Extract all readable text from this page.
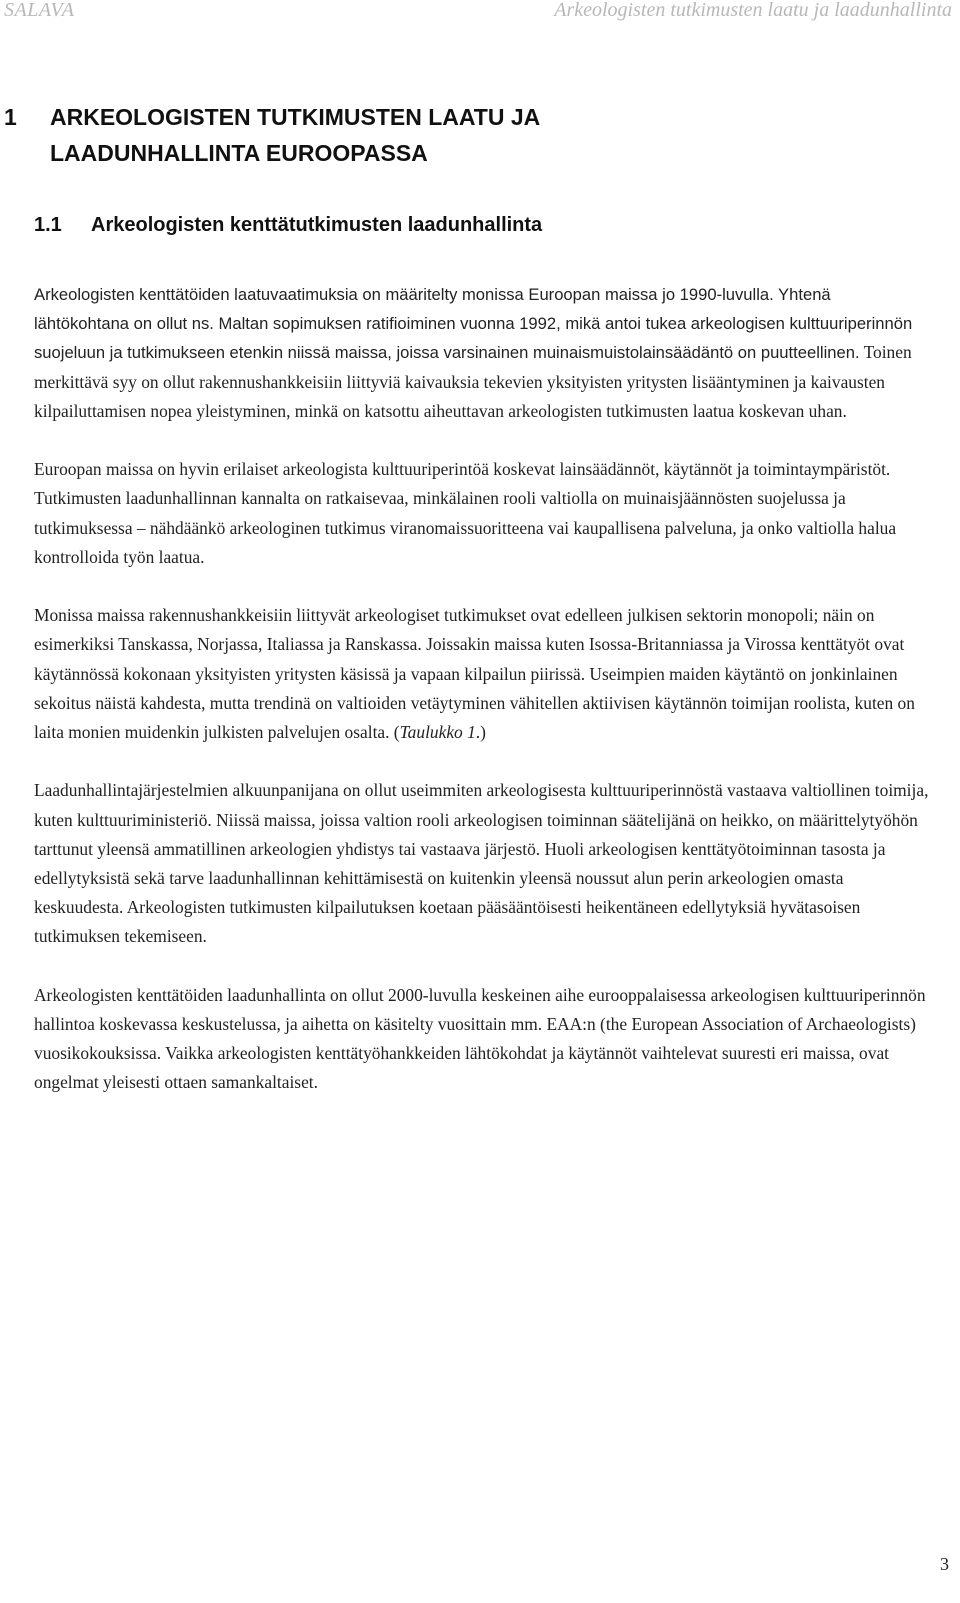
SALAVA	Arkeologisten tutkimusten laatu ja laadunhallinta
1 ARKEOLOGISTEN TUTKIMUSTEN LAATU JA LAADUNHALLINTA EUROOPASSA
1.1 Arkeologisten kenttätutkimusten laadunhallinta

Arkeologisten kenttätöiden laatuvaatimuksia on määritelty monissa Euroopan maissa jo 1990-luvulla. Yhtenä lähtökohtana on ollut ns. Maltan sopimuksen ratifioiminen vuonna 1992, mikä antoi tukea arkeologisen kulttuuriperinnön suojeluun ja tutkimukseen etenkin niissä maissa, joissa varsinainen muinaismuistolainsäädäntö on puutteellinen. Toinen merkittävä syy on ollut rakennushankkeisiin liittyviä kaivauksia tekevien yksityisten yritysten lisääntyminen ja kaivausten kilpailuttamisen nopea yleistyminen, minkä on katsottu aiheuttavan arkeologisten tutkimusten laatua koskevan uhan.

Euroopan maissa on hyvin erilaiset arkeologista kulttuuriperintöä koskevat lainsäädännöt, käytännöt ja toimintaympäristöt. Tutkimusten laadunhallinnan kannalta on ratkaisevaa, minkälainen rooli valtiolla on muinaisjäännösten suojelussa ja tutkimuksessa – nähdäänkö arkeologinen tutkimus viranomaissuoritteena vai kaupallisena palveluna, ja onko valtiolla halua kontrolloida työn laatua.

Monissa maissa rakennushankkeisiin liittyvät arkeologiset tutkimukset ovat edelleen julkisen sektorin monopoli; näin on esimerkiksi Tanskassa, Norjassa, Italiassa ja Ranskassa. Joissakin maissa kuten Isossa-Britanniassa ja Virossa kenttätyöt ovat käytännössä kokonaan yksityisten yritysten käsissä ja vapaan kilpailun piirissä. Useimpien maiden käytäntö on jonkinlainen sekoitus näistä kahdesta, mutta trendinä on valtioiden vetäytyminen vähitellen aktiivisen käytännön toimijan roolista, kuten on laita monien muidenkin julkisten palvelujen osalta. (Taulukko 1.)

Laadunhallintajärjestelmien alkuunpanijana on ollut useimmiten arkeologisesta kulttuuriperinnöstä vastaava valtiollinen toimija, kuten kulttuuriministeriö. Niissä maissa, joissa valtion rooli arkeologisen toiminnan säätelijänä on heikko, on määrittelytyöhön tarttunut yleensä ammatillinen arkeologien yhdistys tai vastaava järjestö. Huoli arkeologisen kenttätyötoiminnan tasosta ja edellytyksistä sekä tarve laadunhallinnan kehittämisestä on kuitenkin yleensä noussut alun perin arkeologien omasta keskuudesta. Arkeologisten tutkimusten kilpailutuksen koetaan pääsääntöisesti heikentäneen edellytyksiä hyvätasoisen tutkimuksen tekemiseen.

Arkeologisten kenttätöiden laadunhallinta on ollut 2000-luvulla keskeinen aihe eurooppalaisessa arkeologisen kulttuuriperinnön hallintoa koskevassa keskustelussa, ja aihetta on käsitelty vuosittain mm. EAA:n (the European Association of Archaeologists) vuosikokouksissa. Vaikka arkeologisten kenttätyöhankkeiden lähtökohdat ja käytännöt vaihtelevat suuresti eri maissa, ovat ongelmat yleisesti ottaen samankaltaiset.

3
